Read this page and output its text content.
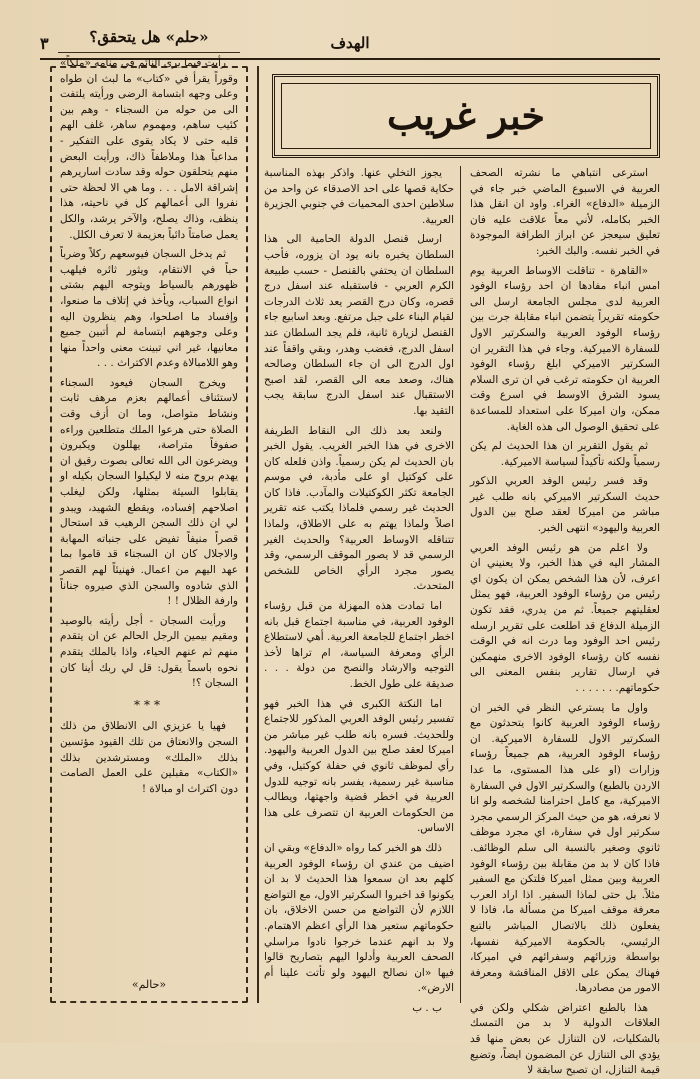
٣	الهدف
خبر غريب

استرعى انتباهي ما نشرته الصحف العربية في الاسبوع الماضي خبر جاء في الزميلة «الدفاع» الغراء. واود ان انقل هذا الخبر بكامله، لأني معاً علاقت عليه فان تعليق سيعجز عن ابراز الطرافة الموجودة في الخبر نفسه. والبك الخبر:

«القاهرة - تناقلت الاوساط العربية يوم امس انباء مفادها ان احد رؤساء الوفود العربية لدى مجلس الجامعة ارسل الى حكومته تقريراً يتضمن انباء مقابلة جرت بين رؤساء الوفود العربية والسكرتير الاول للسفارة الاميركية. وجاء في هذا التقرير ان السكرتير الاميركي ابلغ رؤساء الوفود العربية ان حكومته ترغب في ان ترى السلام يسود الشرق الاوسط في اسرع وقت ممكن، وان اميركا على استعداد للمساعدة على تحقيق الوصول الى هذه الغاية.

ثم يقول التقرير ان هذا الحديث لم يكن رسمياً ولكنه تأكيداً لسياسة الاميركية.

وقد فسر رئيس الوفد العربي الذكور حديث السكرتير الاميركي بانه طلب غير مباشر من اميركا لعقد صلح بين الدول العربية واليهود» انتهى الخبر.

ولا اعلم من هو رئيس الوفد العربي المشار اليه في هذا الخبر، ولا يعنيني ان اعرف، لأن هذا الشخص يمكن ان يكون اي رئيس من رؤساء الوفود العربية، فهو يمثل لعقليتهم جميعاً. ثم من يدري، فقد تكون الزميلة الدفاع قد اطلعت على تقرير ارسله رئيس احد الوفود وما درت انه في الوقت نفسه كان رؤساء الوفود الاخرى منهمكين في ارسال تقارير بنفس المعنى الى حكوماتهم. . . . . . .

واول ما يسترعي النظر في الخبر ان رؤساء الوفود العربية كانوا يتحدثون مع السكرتير الاول للسفارة الاميركية. ان رؤساء الوفود العربية، هم جميعاً رؤساء وزارات (او على هذا المستوى، ما عدا الاردن بالطبع) والسكرتير الاول في السفارة الاميركية، مع كامل احترامنا لشخصه ولو انا لا نعرفه، هو من حيث المركز الرسمي مجرد سكرتير اول في سفارة، اي مجرد موظف ثانوي وصغير بالنسبة الى سلم الوظائف. فاذا كان لا بد من مقابلة بين رؤساء الوفود العربية وبين ممثل اميركا فلتكن مع السفير مثلاً. بل حتى لماذا السفير. اذا اراد العرب معرفة موقف اميركا من مسألة ما، فاذا لا يفعلون ذلك بالاتصال المباشر بالتبع الرئيسي، بالحكومة الاميركية نفسها، بواسطة وزرائهم وسفرائهم في اميركا، فهناك يمكن على الاقل المناقشة ومعرفة الامور من مصادرها.

هذا بالطبع اعتراض شكلي ولكن في العلاقات الدولية لا بد من التمسك بالشكليات، لان التنازل عن بعض منها قد يؤدي الى التنازل عن المضمون ايضاً، وتضيع قيمة التنازل، ان تصبح سابقة لا

يجوز التخلي عنها. واذكر بهذه المناسبة حكاية قصها على احد الاصدقاء عن واحد من سلاطين احدى المحميات في جنوبي الجزيرة العربية.

ارسل قنصل الدولة الحامية الى هذا السلطان يخبره بانه يود ان يزوره، فأحب السلطان ان يحتفي بالقنصل - حسب طبيعة الكرم العربي - فاستقبله عند اسفل درج قصره، وكان درج القصر يعد ثلاث الدرجات لقيام البناء على جبل مرتفع. وبعد اسابيع جاء القنصل لزيارة ثانية، فلم يجد السلطان عند اسفل الدرج، فغضب وهدر، وبقي واقفاً عند اول الدرج الى ان جاء السلطان وصالحه هناك، وصعد معه الى القصر، لقد اصبح الاستقبال عند اسفل الدرج سابقة يجب التقيد بها.

ولنعد بعد ذلك الى النقاط الطريفة الاخرى في هذا الخبر الغريب. يقول الخبر بان الحديث لم يكن رسمياً. واذن فلعله كان على كوكتيل او على مأدبة، في موسم الجامعة تكثر الكوكتيلات والمآدب. فاذا كان الحديث غير رسمي فلماذا يكتب عنه تقرير اصلاً ولماذا يهتم به على الاطلاق، ولماذا تتناقله الاوساط العربية؟ والحديث الغير الرسمي قد لا يصور الموقف الرسمي، وقد يصور مجرد الرأي الخاص للشخص المتحدث.

اما تمادت هذه المهزلة من قبل رؤساء الوفود العربية، في مناسبة اجتماع قبل بانه اخطر اجتماع للجامعة العربية. أهي لاستطلاع الرأي ومعرفة السياسة، ام تراها لأخذ التوجيه والارشاد والنصح من دولة . . . صديقة على طول الخط.

اما النكتة الكبرى في هذا الخبر فهو تفسير رئيس الوفد العربي المذكور للاجتماع وللحديث. فسره بانه طلب غير مباشر من اميركا لعقد صلح بين الدول العربية واليهود. رأي لموظف ثانوي في حفلة كوكتيل، وفي مناسبة غير رسمية، يفسر بانه توجيه للدول العربية في اخطر قضية واجهتها، ويطالب من الحكومات العربية ان تتصرف على هذا الاساس.

ذلك هو الخبر كما رواه «الدفاع» وبقي ان اضيف من عندي ان رؤساء الوفود العربية كلهم بعد ان سمعوا هذا الحديث لا بد ان يكونوا قد اخبروا السكرتير الاول، مع التواضع اللازم لأن التواضع من حسن الاخلاق، بان حكوماتهم ستعير هذا الرأي اعظم الاهتمام. ولا بد انهم عندما خرجوا نادوا مراسلي الصحف العربية وأدلوا اليهم بتصاريح قالوا فيها «ان نصالح اليهود ولو تأتت علينا أم الارض».

ب . ب

«حلم» هل يتحقق؟

رأيت فيما يرى النائم في منامه «ملكاً» وقوراً يقرأ في «كتاب» ما لبث ان طواه وعلى وجهه ابتسامة الرضى ورأيته يلتفت الى من حوله من السجناء - وهم بين كئيب ساهم، ومهموم ساهر، غلف الهم قلبه حتى لا يكاد يقوى على التفكير - مداعباً هذا وملاطفاً ذاك، ورأيت البعض منهم يتحلقون حوله وقد سادت اساريرهم إشراقة الامل . . . وما هي الا لحظة حتى نفروا الى أعمالهم كل في ناحيته، هذا ينظف، وذاك يصلح، والآخر يرشد، والكل يعمل صامتاً دائباً بعزيمة لا تعرف الكلل.

ثم يدخل السجان فيوسعهم ركلاً وضرباً حباً في الانتقام، ويثور ثائره فيلهب ظهورهم بالسياط ويتوجه اليهم بشتى انواع السباب، ويأخذ في إتلاف ما صنعوا، وإفساد ما اصلحوا، وهم ينظرون اليه وعلى وجوههم ابتسامة لم أتبين جميع معانيها، غير اني تبينت معنى واحداً منها وهو اللامبالاة وعدم الاكتراث . . .

ويخرج السجان فيعود السجناء لاستئناف أعمالهم بعزم مرهف ثابت ونشاط متواصل، وما ان أزف وقت الصلاة حتى هرعوا الملك متطلعين وراءه صفوفاً متراصة، يهللون ويكبرون ويضرعون الى الله تعالى بصوت رقيق ان يهدم بروح منه لا ليكيلوا السجان بكيله او يقابلوا السيئة بمثلها، ولكن ليغلب اصلاحهم إفساده، ويقطع الشهيد، ويبدو لي ان ذلك السجن الرهيب قد استحال قصراً منيفاً تفيض على جنباته المهابة والاجلال كان ان السجناء قد قاموا بما عهد اليهم من اعمال. فهنيئاً لهم القصر الذي شادوه والسجن الذي صيروه جناناً وارفة الظلال ! !

ورأيت السجان - أجل رأيته بالوصيد ومقيم بيمين الرجل الحالم عن ان يتقدم منهم ثم عنهم الحياء، واذا بالملك يتقدم نحوه باسماً يقول: قل لي ربك أينا كان السجان ؟!

***

فهيا يا عزيزي الى الانطلاق من ذلك السجن والانعتاق من تلك القيود مؤتسين بذلك «الملك» ومسترشدين بذلك «الكتاب» مقبلين على العمل الصامت دون اكتراث او مبالاة !

«حالم»
